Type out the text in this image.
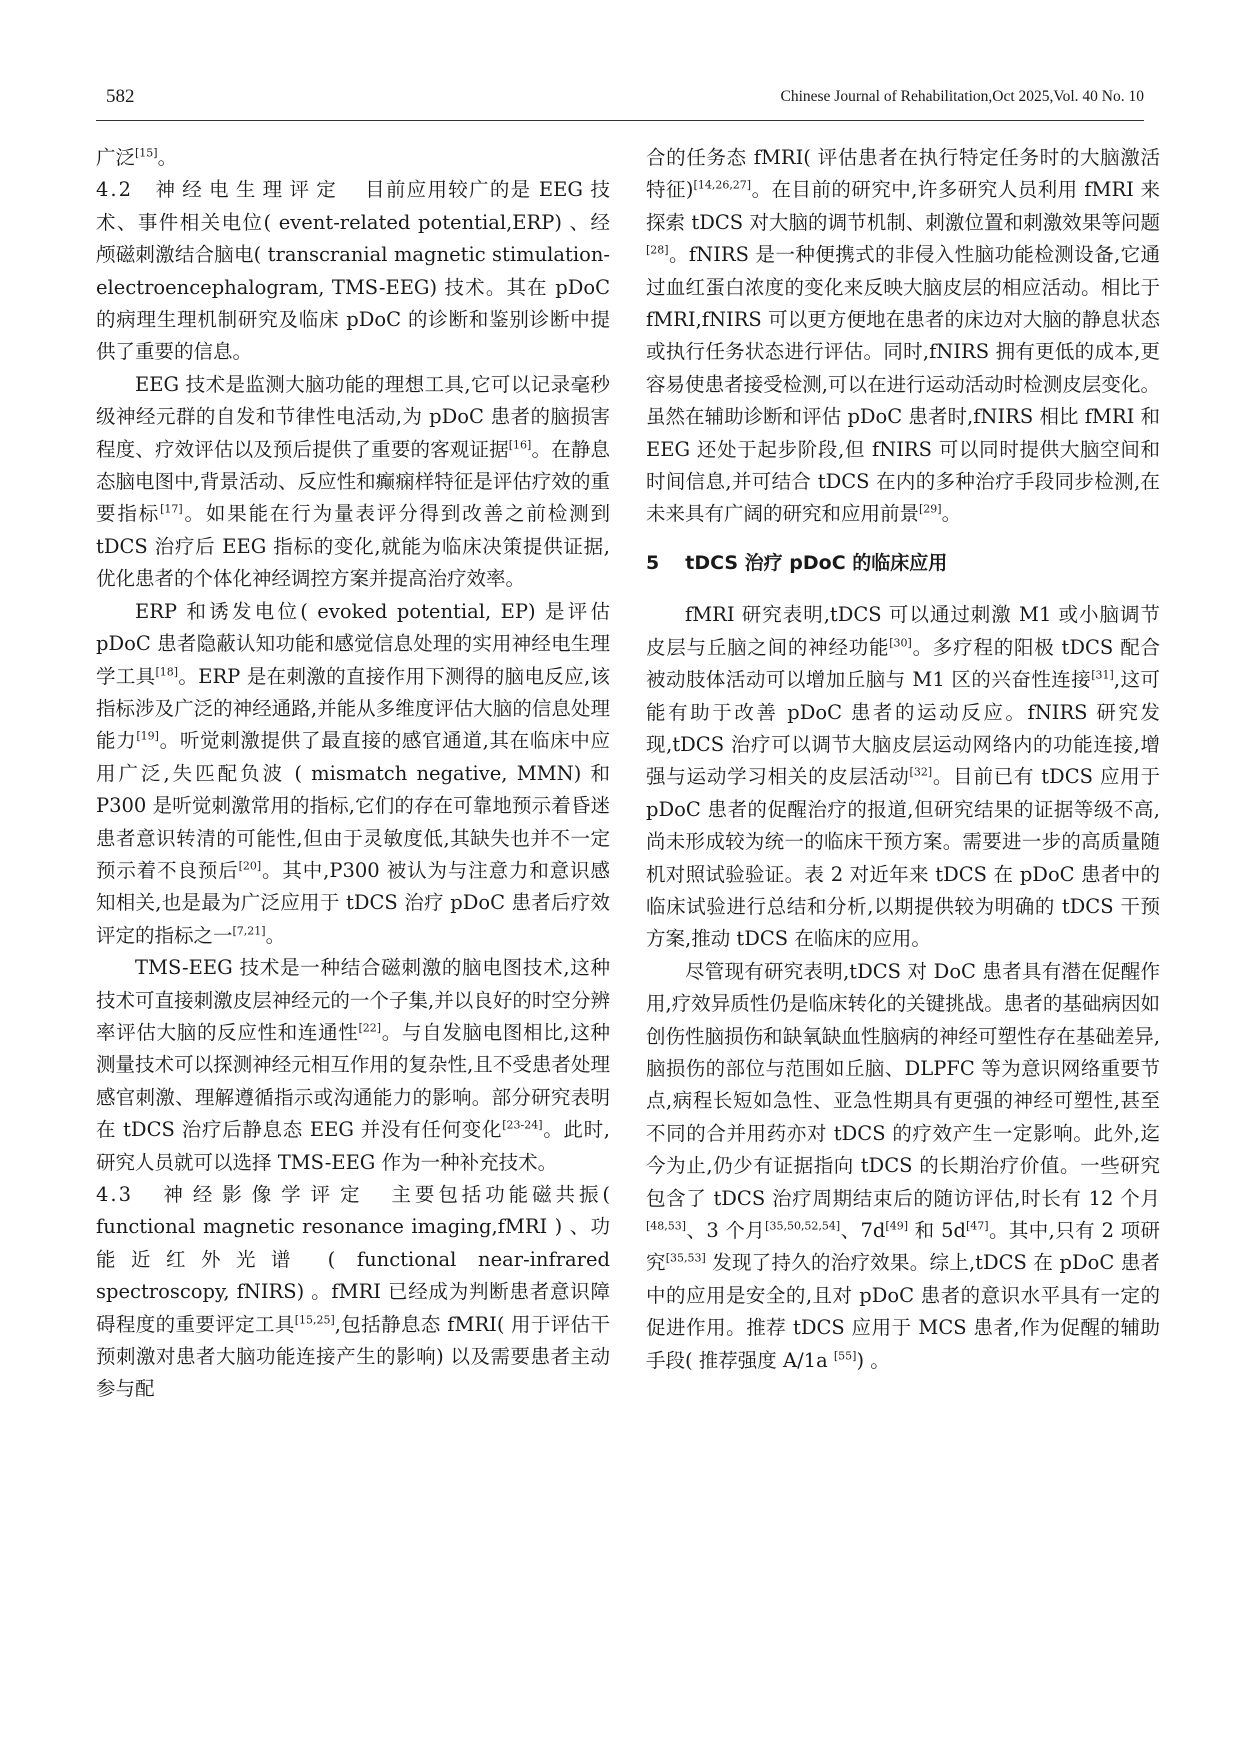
582	Chinese Journal of Rehabilitation,Oct 2025,Vol. 40 No. 10

广泛[15]。

4.2 神经电生理评定 目前应用较广的是 EEG 技术、事件相关电位( event-related potential,ERP) 、经颅磁刺激结合脑电( transcranial magnetic stimulation-electroencephalogram, TMS-EEG) 技术。其在 pDoC 的病理生理机制研究及临床 pDoC 的诊断和鉴别诊断中提供了重要的信息。

EEG 技术是监测大脑功能的理想工具,它可以记录毫秒级神经元群的自发和节律性电活动,为 pDoC 患者的脑损害程度、疗效评估以及预后提供了重要的客观证据[16]。在静息态脑电图中,背景活动、反应性和癫痫样特征是评估疗效的重要指标[17]。如果能在行为量表评分得到改善之前检测到 tDCS 治疗后 EEG 指标的变化,就能为临床决策提供证据,优化患者的个体化神经调控方案并提高治疗效率。

ERP 和诱发电位( evoked potential, EP) 是评估 pDoC 患者隐蔽认知功能和感觉信息处理的实用神经电生理学工具[18]。ERP 是在刺激的直接作用下测得的脑电反应,该指标涉及广泛的神经通路,并能从多维度评估大脑的信息处理能力[19]。听觉刺激提供了最直接的感官通道,其在临床中应用广泛,失匹配负波 ( mismatch negative, MMN) 和 P300 是听觉刺激常用的指标,它们的存在可靠地预示着昏迷患者意识转清的可能性,但由于灵敏度低,其缺失也并不一定预示着不良预后[20]。其中,P300 被认为与注意力和意识感知相关,也是最为广泛应用于 tDCS 治疗 pDoC 患者后疗效评定的指标之一[7,21]。

TMS-EEG 技术是一种结合磁刺激的脑电图技术,这种技术可直接刺激皮层神经元的一个子集,并以良好的时空分辨率评估大脑的反应性和连通性[22]。与自发脑电图相比,这种测量技术可以探测神经元相互作用的复杂性,且不受患者处理感官刺激、理解遵循指示或沟通能力的影响。部分研究表明在 tDCS 治疗后静息态 EEG 并没有任何变化[23-24]。此时,研究人员就可以选择 TMS-EEG 作为一种补充技术。

4.3 神经影像学评定 主要包括功能磁共振( functional magnetic resonance imaging,fMRI ) 、功能近红外光谱 ( functional near-infrared spectroscopy, fNIRS) 。fMRI 已经成为判断患者意识障碍程度的重要评定工具[15,25],包括静息态 fMRI( 用于评估干预刺激对患者大脑功能连接产生的影响) 以及需要患者主动参与配

合的任务态 fMRI( 评估患者在执行特定任务时的大脑激活特征)[14,26,27]。在目前的研究中,许多研究人员利用 fMRI 来探索 tDCS 对大脑的调节机制、刺激位置和刺激效果等问题[28]。fNIRS 是一种便携式的非侵入性脑功能检测设备,它通过血红蛋白浓度的变化来反映大脑皮层的相应活动。相比于 fMRI,fNIRS 可以更方便地在患者的床边对大脑的静息状态或执行任务状态进行评估。同时,fNIRS 拥有更低的成本,更容易使患者接受检测,可以在进行运动活动时检测皮层变化。虽然在辅助诊断和评估 pDoC 患者时,fNIRS 相比 fMRI 和 EEG 还处于起步阶段,但 fNIRS 可以同时提供大脑空间和时间信息,并可结合 tDCS 在内的多种治疗手段同步检测,在未来具有广阔的研究和应用前景[29]。

5 tDCS 治疗 pDoC 的临床应用

fMRI 研究表明,tDCS 可以通过刺激 M1 或小脑调节皮层与丘脑之间的神经功能[30]。多疗程的阳极 tDCS 配合被动肢体活动可以增加丘脑与 M1 区的兴奋性连接[31],这可能有助于改善 pDoC 患者的运动反应。fNIRS 研究发现,tDCS 治疗可以调节大脑皮层运动网络内的功能连接,增强与运动学习相关的皮层活动[32]。目前已有 tDCS 应用于 pDoC 患者的促醒治疗的报道,但研究结果的证据等级不高,尚未形成较为统一的临床干预方案。需要进一步的高质量随机对照试验验证。表 2 对近年来 tDCS 在 pDoC 患者中的临床试验进行总结和分析,以期提供较为明确的 tDCS 干预方案,推动 tDCS 在临床的应用。

尽管现有研究表明,tDCS 对 DoC 患者具有潜在促醒作用,疗效异质性仍是临床转化的关键挑战。患者的基础病因如创伤性脑损伤和缺氧缺血性脑病的神经可塑性存在基础差异,脑损伤的部位与范围如丘脑、DLPFC 等为意识网络重要节点,病程长短如急性、亚急性期具有更强的神经可塑性,甚至不同的合并用药亦对 tDCS 的疗效产生一定影响。此外,迄今为止,仍少有证据指向 tDCS 的长期治疗价值。一些研究包含了 tDCS 治疗周期结束后的随访评估,时长有 12 个月[48,53]、3 个月[35,50,52,54]、7d[49] 和 5d[47]。其中,只有 2 项研究[35,53] 发现了持久的治疗效果。综上,tDCS 在 pDoC 患者中的应用是安全的,且对 pDoC 患者的意识水平具有一定的促进作用。推荐 tDCS 应用于 MCS 患者,作为促醒的辅助手段( 推荐强度 A/1a [55]) 。
